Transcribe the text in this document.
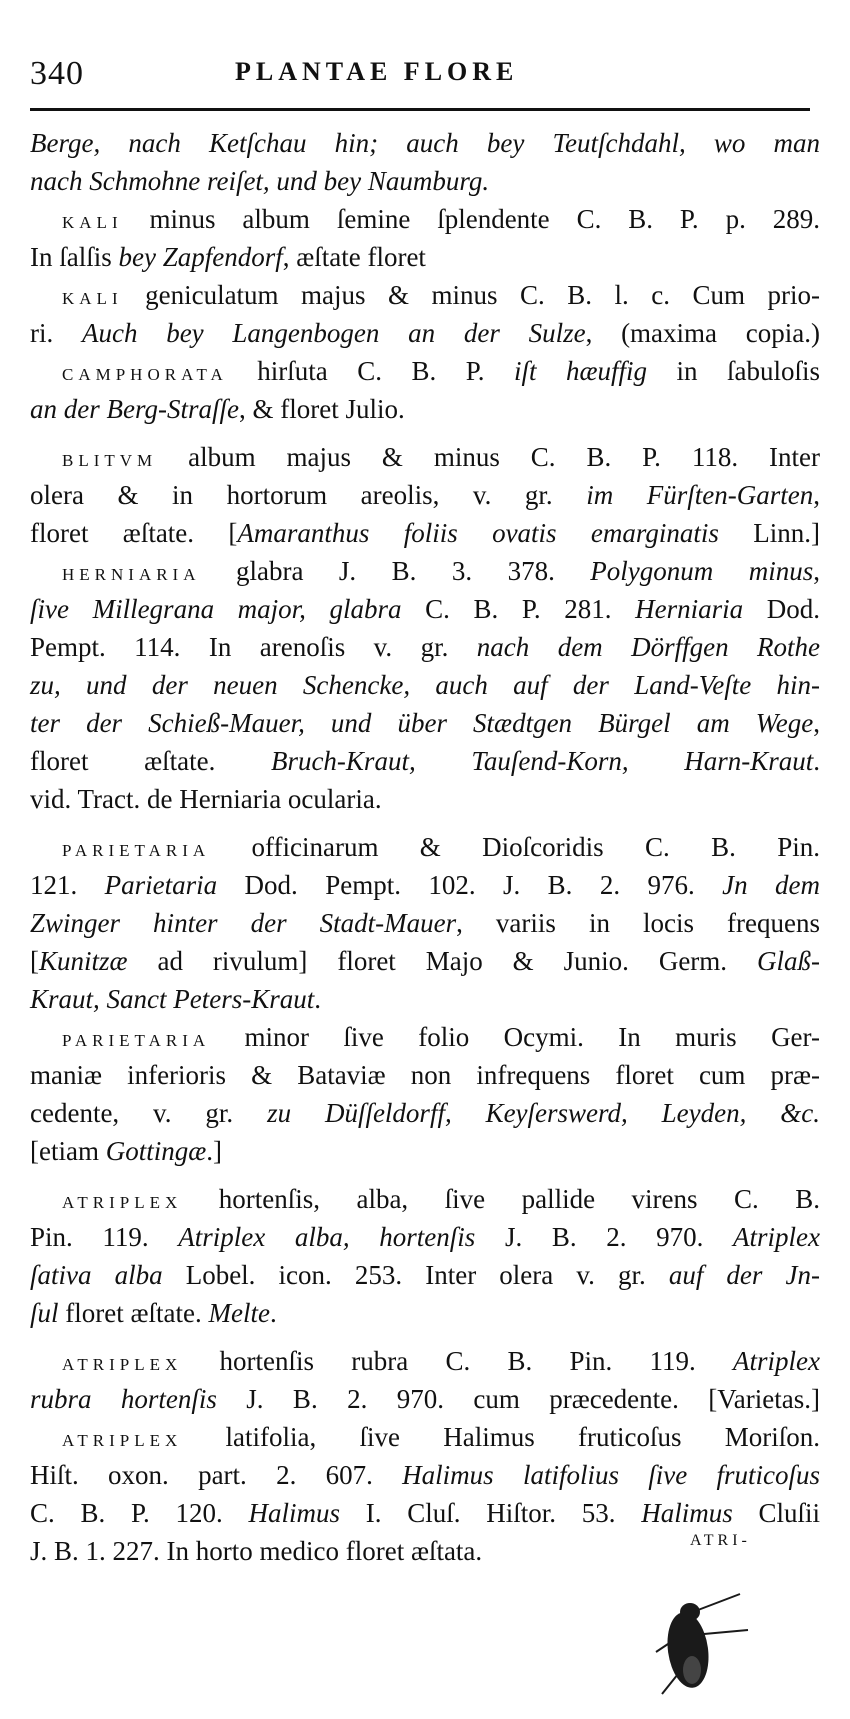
340	PLANTAE FLORE
Berge, nach Ketſchau hin; auch bey Teutſchdahl, wo man
nach Schmohne reiſet, und bey Naumburg.
KALI minus album ſemine ſplendente C. B. P. p. 289.
In ſalſis bey Zapfendorf, æſtate floret
KALI geniculatum majus & minus C. B. l. c. Cum prio-
ri. Auch bey Langenbogen an der Sulze, (maxima copia.)
CAMPHORATA hirſuta C. B. P. iſt hæuffig in ſabuloſis
an der Berg-Straſſe, & floret Julio.
BLITVM album majus & minus C. B. P. 118. Inter
olera & in hortorum areolis, v. gr. im Fürſten-Garten,
floret æſtate. [Amaranthus foliis ovatis emarginatis Linn.]
HERNIARIA glabra J. B. 3. 378. Polygonum minus,
ſive Millegrana major, glabra C. B. P. 281. Herniaria Dod.
Pempt. 114. In arenoſis v. gr. nach dem Dörffgen Rothe
zu, und der neuen Schencke, auch auf der Land-Veſte hin-
ter der Schieß-Mauer, und über Stædtgen Bürgel am Wege,
floret æſtate. Bruch-Kraut, Tauſend-Korn, Harn-Kraut.
vid. Tract. de Herniaria ocularia.
PARIETARIA officinarum & Dioſcoridis C. B. Pin.
121. Parietaria Dod. Pempt. 102. J. B. 2. 976. Jn dem
Zwinger hinter der Stadt-Mauer, variis in locis frequens
[Kunitzæ ad rivulum] floret Majo & Junio. Germ. Glaß-
Kraut, Sanct Peters-Kraut.
PARIETARIA minor ſive folio Ocymi. In muris Ger-
maniæ inferioris & Bataviæ non infrequens floret cum præ-
cedente, v. gr. zu Düſſeldorff, Keyſerswerd, Leyden, &c.
[etiam Gottingæ.]
ATRIPLEX hortenſis, alba, ſive pallide virens C. B.
Pin. 119. Atriplex alba, hortenſis J. B. 2. 970. Atriplex
ſativa alba Lobel. icon. 253. Inter olera v. gr. auf der Jn-
ſul floret æſtate. Melte.
ATRIPLEX hortenſis rubra C. B. Pin. 119. Atriplex
rubra hortenſis J. B. 2. 970. cum præcedente. [Varietas.]
ATRIPLEX latifolia, ſive Halimus fruticoſus Moriſon.
Hiſt. oxon. part. 2. 607. Halimus latifolius ſive fruticoſus
C. B. P. 120. Halimus I. Cluſ. Hiſtor. 53. Halimus Cluſii
J. B. 1. 227. In horto medico floret æſtata.	ATRI-
